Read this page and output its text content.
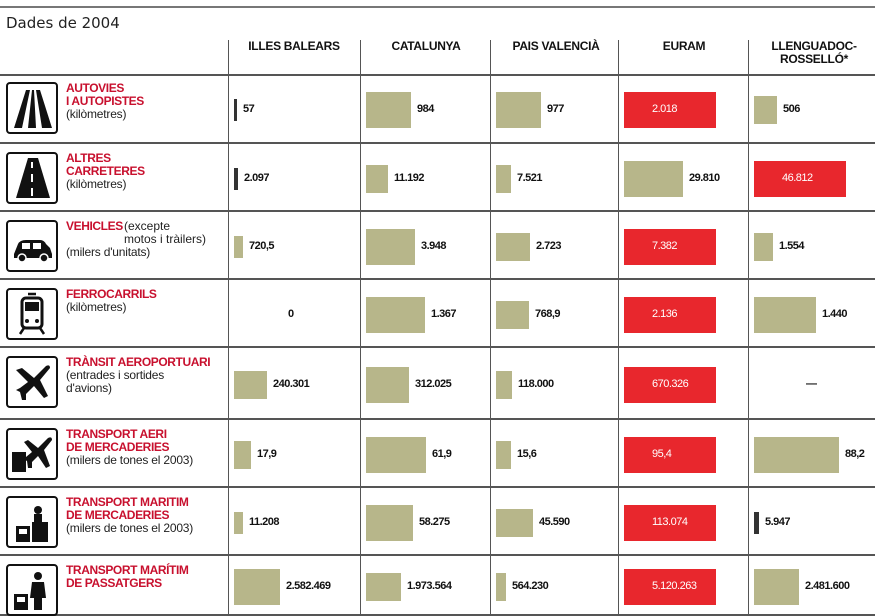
Dades de 2004
ILLES BALEARS	CATALUNYA	PAIS VALENCIÀ	EURAM	LLENGUADOC-
ROSSELLÓ*
AUTOVIES
I AUTOPISTES
(kilòmetres)	57	984	977	2.018	506
ALTRES
CARRETERES
(kilòmetres)	2.097	11.192	7.521	29.810	46.812
VEHICLES (excepte
motos i tràilers)
(milers d'unitats)	720,5	3.948	2.723	7.382	1.554
FERROCARRILS
(kilòmetres)	0	1.367	768,9	2.136	1.440
TRÀNSIT AEROPORTUARI
(entrades i sortides
d'avions)	240.301	312.025	118.000	670.326	—
TRANSPORT AERI
DE MERCADERIES
(milers de tones el 2003)	17,9	61,9	15,6	95,4	88,2
TRANSPORT MARITIM
DE MERCADERIES
(milers de tones el 2003)	11.208	58.275	45.590	113.074	5.947
TRANSPORT MARÍTIM
DE PASSATGERS	2.582.469	1.973.564	564.230	5.120.263	2.481.600
